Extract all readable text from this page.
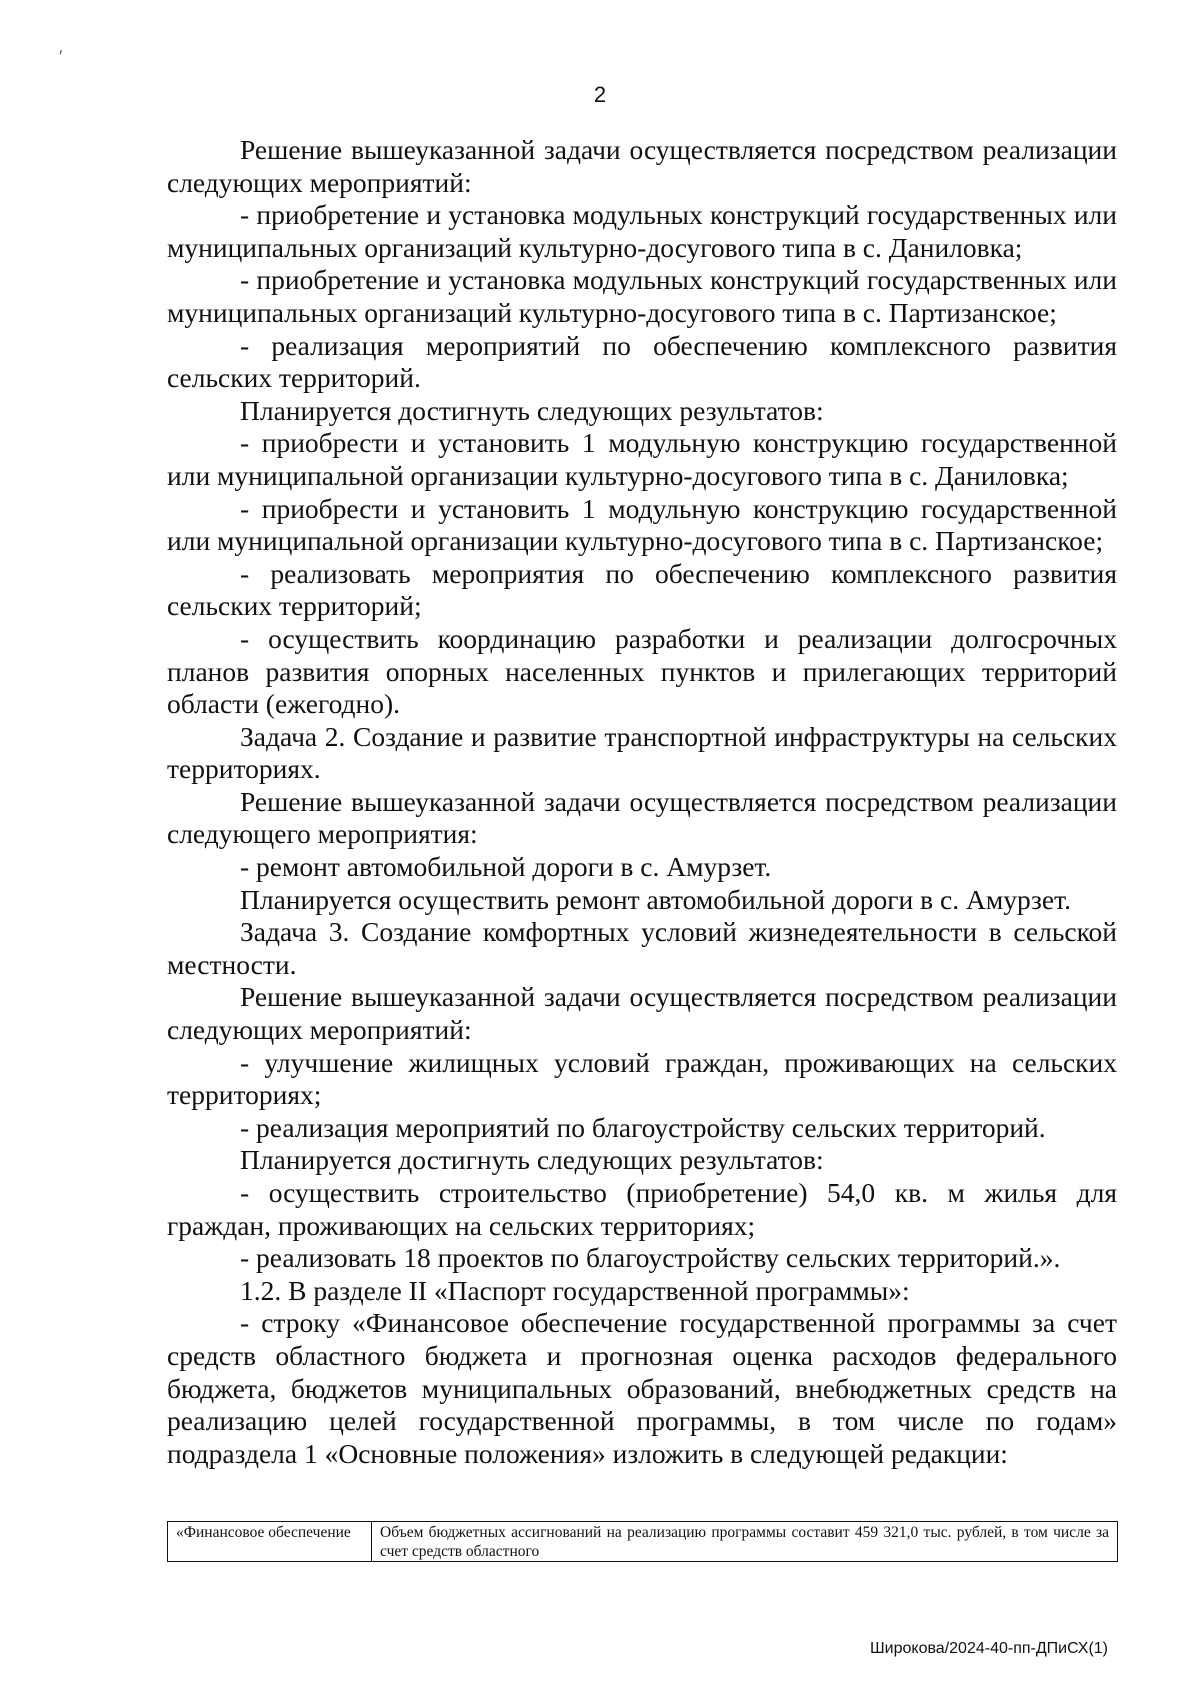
'
2

Решение вышеуказанной задачи осуществляется посредством реализации следующих мероприятий:

- приобретение и установка модульных конструкций государственных или муниципальных организаций культурно-досугового типа в с. Даниловка;

- приобретение и установка модульных конструкций государственных или муниципальных организаций культурно-досугового типа в с. Партизанское;

- реализация мероприятий по обеспечению комплексного развития сельских территорий.

Планируется достигнуть следующих результатов:

- приобрести и установить 1 модульную конструкцию государственной или муниципальной организации культурно-досугового типа в с. Даниловка;

- приобрести и установить 1 модульную конструкцию государственной или муниципальной организации культурно-досугового типа в с. Партизанское;

- реализовать мероприятия по обеспечению комплексного развития сельских территорий;

- осуществить координацию разработки и реализации долгосрочных планов развития опорных населенных пунктов и прилегающих территорий области (ежегодно).

Задача 2. Создание и развитие транспортной инфраструктуры на сельских территориях.

Решение вышеуказанной задачи осуществляется посредством реализации следующего мероприятия:

- ремонт автомобильной дороги в с. Амурзет.

Планируется осуществить ремонт автомобильной дороги в с. Амурзет.

Задача 3. Создание комфортных условий жизнедеятельности в сельской местности.

Решение вышеуказанной задачи осуществляется посредством реализации следующих мероприятий:

- улучшение жилищных условий граждан, проживающих на сельских территориях;

- реализация мероприятий по благоустройству сельских территорий.

Планируется достигнуть следующих результатов:

- осуществить строительство (приобретение) 54,0 кв. м жилья для граждан, проживающих на сельских территориях;

- реализовать 18 проектов по благоустройству сельских территорий.».

1.2. В разделе II «Паспорт государственной программы»:

- строку «Финансовое обеспечение государственной программы за счет средств областного бюджета и прогнозная оценка расходов федерального бюджета, бюджетов муниципальных образований, внебюджетных средств на реализацию целей государственной программы, в том числе по годам» подраздела 1 «Основные положения» изложить в следующей редакции:

«Финансовое обеспечение	Объем бюджетных ассигнований на реализацию программы составит 459 321,0 тыс. рублей, в том числе за счет средств областного
Широкова/2024-40-пп-ДПиСХ(1)
